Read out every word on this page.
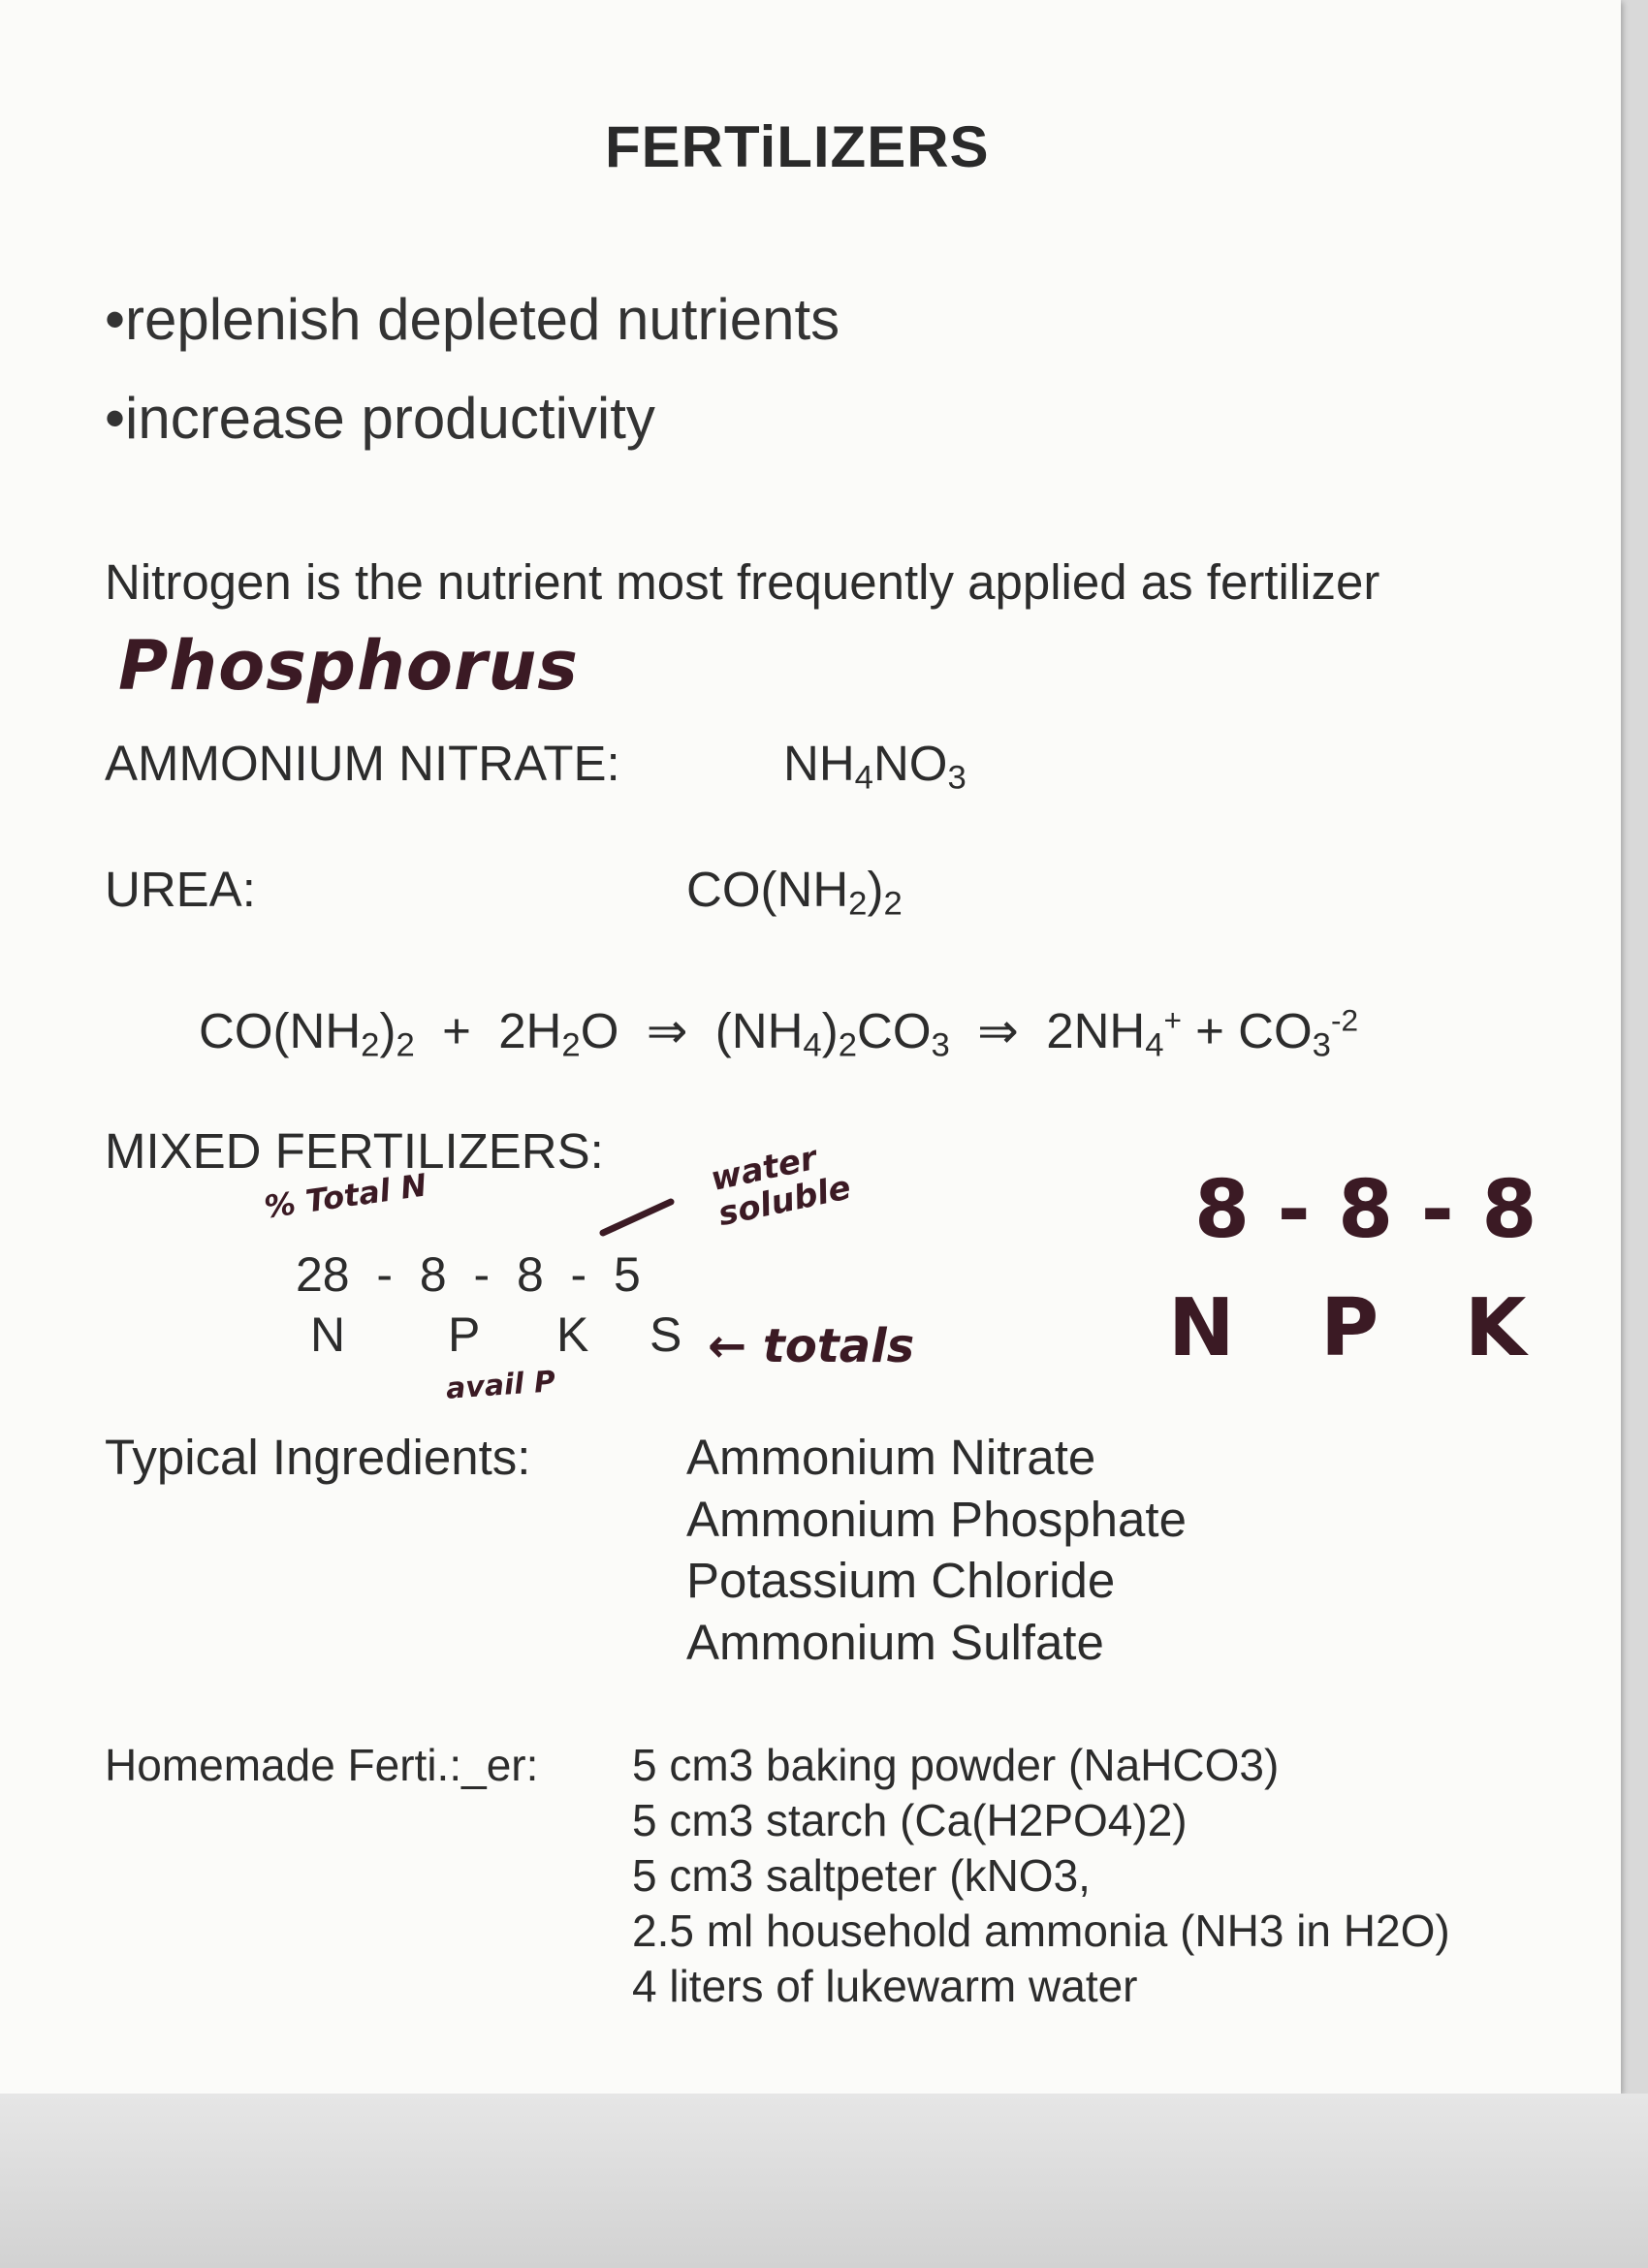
FERTiLIZERS
•replenish depleted nutrients
•increase productivity
Nitrogen is the nutrient most frequently applied as fertilizer
Phosphorus
AMMONIUM NITRATE:	$NH_4NO_3$
UREA:	$CO(NH_2)_2$
$CO(NH_2)_2 + 2H_2O$  ⇒  $(NH_4)_2CO_3$ ⇒  $2NH_4^+ + CO_3^{-2}$
MIXED FERTILIZERS:
% Total N	water soluble
28 - 8 - 8 - 5
N P K S
avail P
← totals
8 - 8 - 8
N P K
Typical Ingredients:	Ammonium Nitrate
Ammonium Phosphate
Potassium Chloride
Ammonium Sulfate
Homemade Ferti.:_er: 5 cm3 baking powder (NaHCO3)
5 cm3 starch (Ca(H2PO4)2)
5 cm3 saltpeter (kNO3,
2.5 ml household ammonia (NH3 in H2O)
4 liters of lukewarm water
